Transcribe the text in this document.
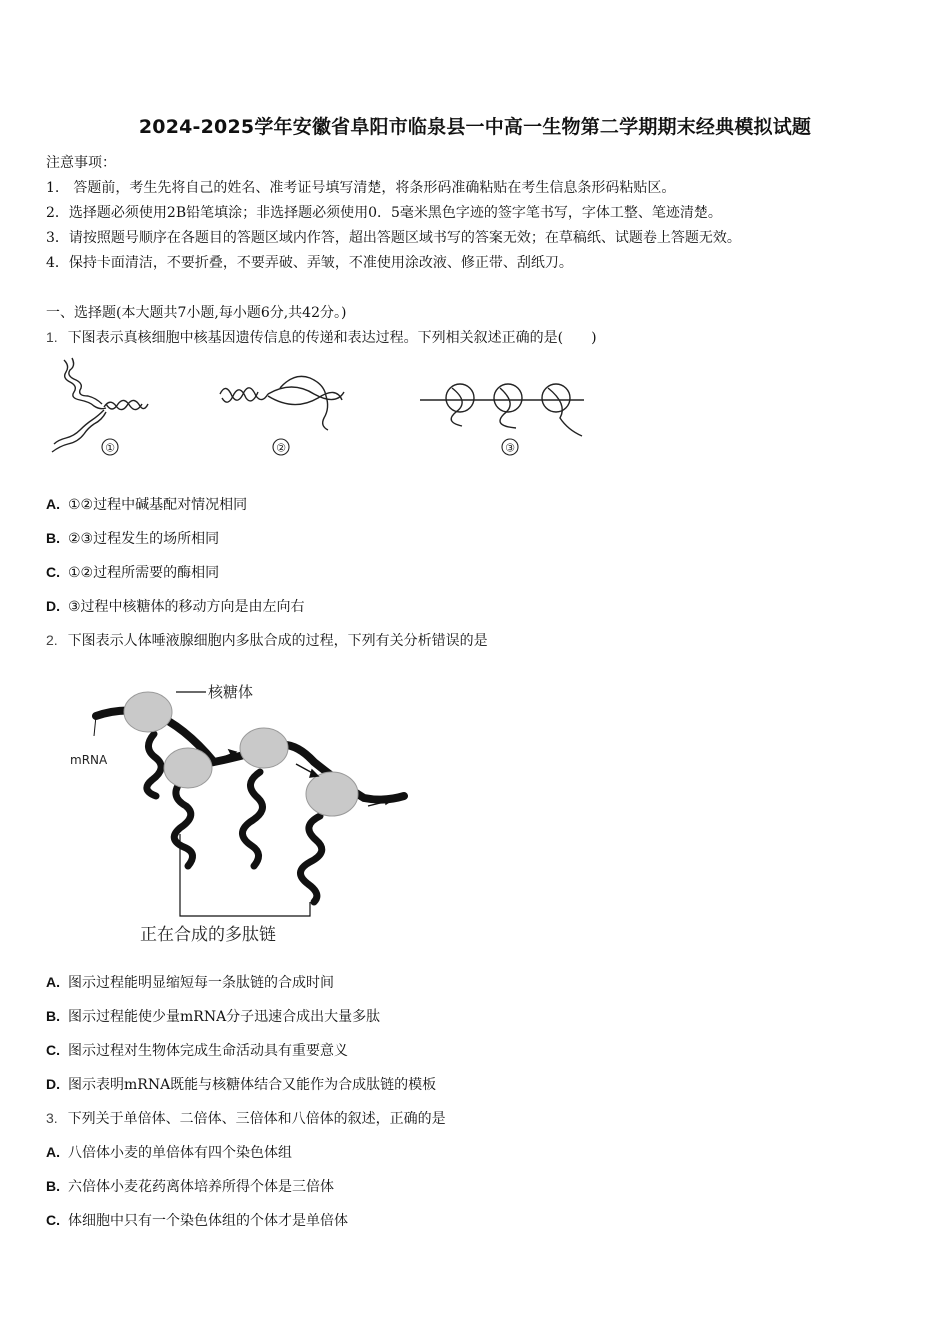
2024-2025学年安徽省阜阳市临泉县一中高一生物第二学期期末经典模拟试题
注意事项：
1.　答题前，考生先将自己的姓名、准考证号填写清楚，将条形码准确粘贴在考生信息条形码粘贴区。
2．选择题必须使用2B铅笔填涂；非选择题必须使用0．5毫米黑色字迹的签字笔书写，字体工整、笔迹清楚。
3．请按照题号顺序在各题目的答题区域内作答，超出答题区域书写的答案无效；在草稿纸、试题卷上答题无效。
4．保持卡面清洁，不要折叠，不要弄破、弄皱，不准使用涂改液、修正带、刮纸刀。
一、选择题(本大题共7小题,每小题6分,共42分。)
1. 下图表示真核细胞中核基因遗传信息的传递和表达过程。下列相关叙述正确的是(　　)
①	②	③
A. ①②过程中碱基配对情况相同
B. ②③过程发生的场所相同
C. ①②过程所需要的酶相同
D. ③过程中核糖体的移动方向是由左向右
2. 下图表示人体唾液腺细胞内多肽合成的过程，下列有关分析错误的是
核糖体
mRNA
正在合成的多肽链
A. 图示过程能明显缩短每一条肽链的合成时间
B. 图示过程能使少量mRNA分子迅速合成出大量多肽
C. 图示过程对生物体完成生命活动具有重要意义
D. 图示表明mRNA既能与核糖体结合又能作为合成肽链的模板
3. 下列关于单倍体、二倍体、三倍体和八倍体的叙述，正确的是
A. 八倍体小麦的单倍体有四个染色体组
B. 六倍体小麦花药离体培养所得个体是三倍体
C. 体细胞中只有一个染色体组的个体才是单倍体
